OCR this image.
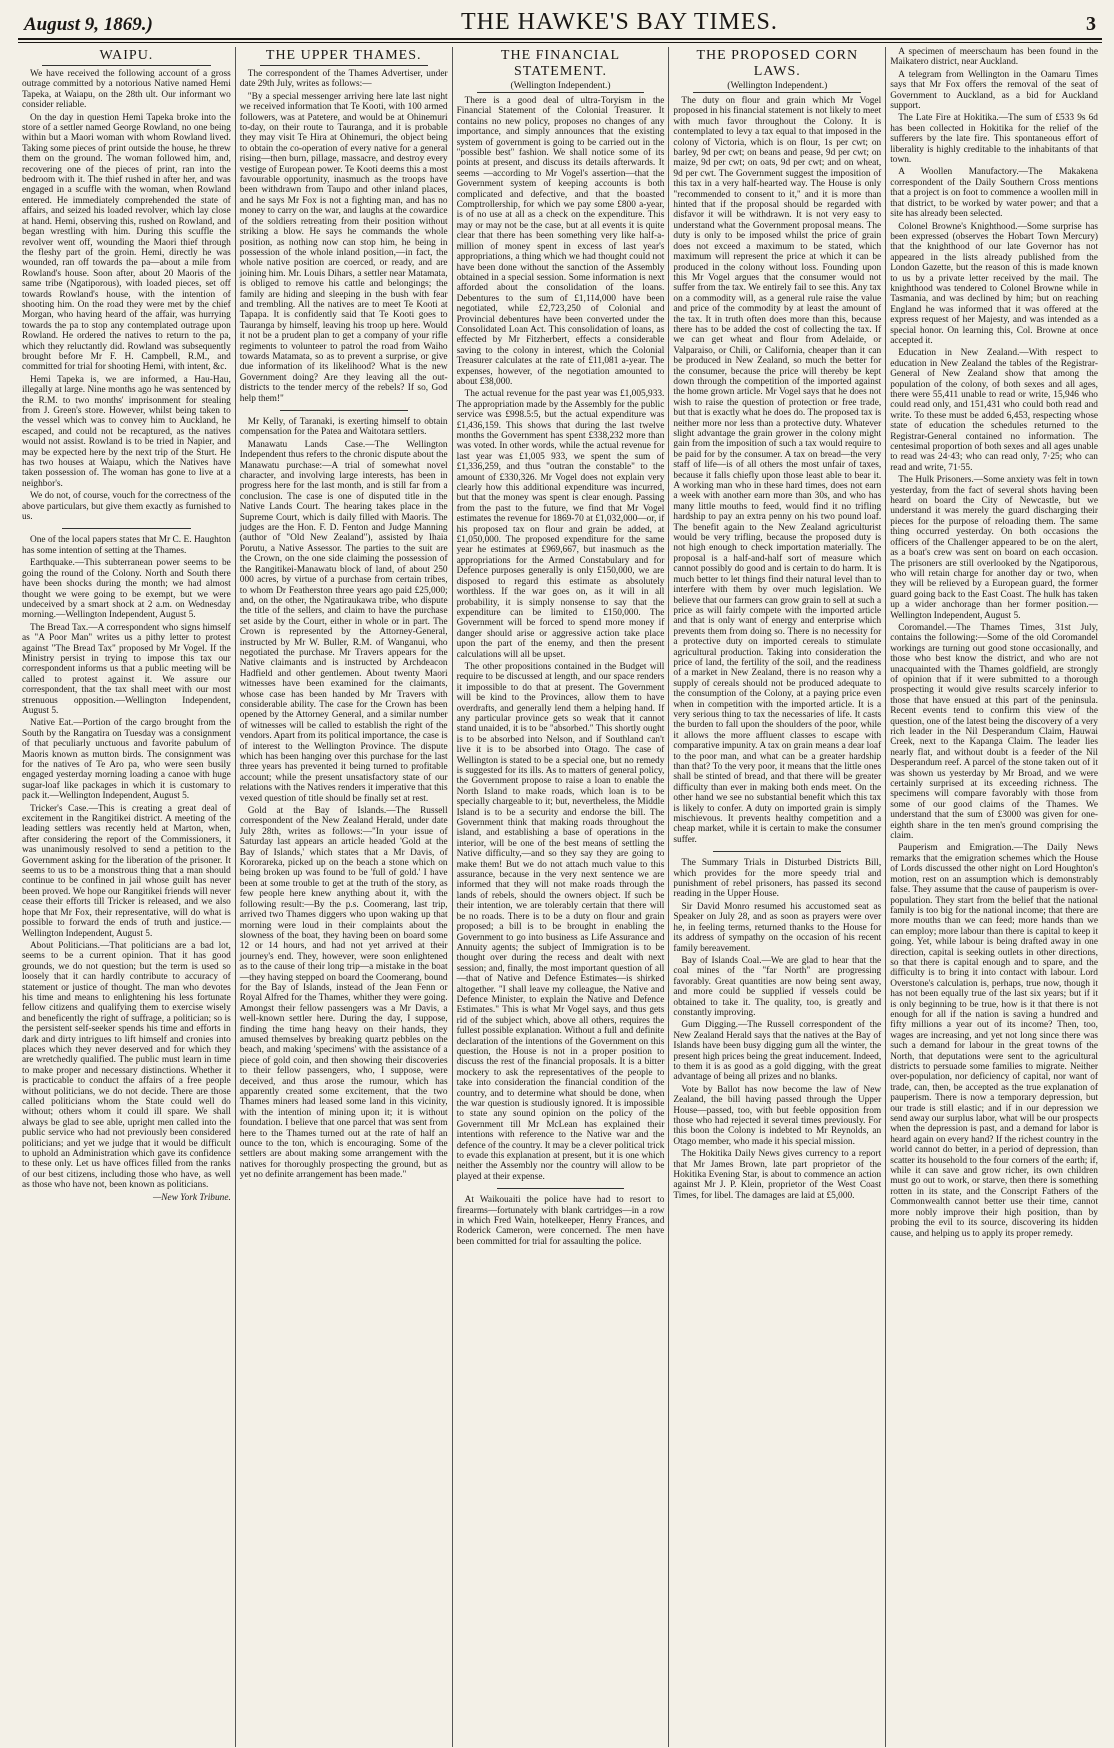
August 9, 1869.)	THE HAWKE'S BAY TIMES.	3
WAIPU.

We have received the following account of a gross outrage committed by a notorious Native named Hemi Tapeka, at Waiapu, on the 28th ult. Our informant wo consider reliable.

On the day in question Hemi Tapeka broke into the store of a settler named George Rowland, no one being within but a Maori woman with whom Rowland lived. Taking some pieces of print outside the house, he threw them on the ground. The woman followed him, and, recovering one of the pieces of print, ran into the bedroom with it. The thief rushed in after her, and was engaged in a scuffle with the woman, when Rowland entered. He immediately comprehended the state of affairs, and seized his loaded revolver, which lay close at hand. Hemi, observing this, rushed on Rowland, and began wrestling with him. During this scuffle the revolver went off, wounding the Maori thief through the fleshy part of the groin. Hemi, directly he was wounded, ran off towards the pa—about a mile from Rowland's house. Soon after, about 20 Maoris of the same tribe (Ngatiporous), with loaded pieces, set off towards Rowland's house, with the intention of shooting him. On the road they were met by the chief Morgan, who having heard of the affair, was hurrying towards the pa to stop any contemplated outrage upon Rowland. He ordered the natives to return to the pa, which they reluctantly did. Rowland was subsequently brought before Mr F. H. Campbell, R.M., and committed for trial for shooting Hemi, with intent, &c.

Hemi Tapeka is, we are informed, a Hau-Hau, illegally at large. Nine months ago he was sentenced by the R.M. to two months' imprisonment for stealing from J. Green's store. However, whilst being taken to the vessel which was to convey him to Auckland, he escaped, and could not be recaptured, as the natives would not assist. Rowland is to be tried in Napier, and may be expected here by the next trip of the Sturt. He has two houses at Waiapu, which the Natives have taken possession of. The woman has gone to live at a neighbor's.

We do not, of course, vouch for the correctness of the above particulars, but give them exactly as furnished to us.

One of the local papers states that Mr C. E. Haughton has some intention of setting at the Thames.

Earthquake.—This subterranean power seems to be going the round of the Colony. North and South there have been shocks during the month; we had almost thought we were going to be exempt, but we were undeceived by a smart shock at 2 a.m. on Wednesday morning.—Wellington Independent, August 5.

The Bread Tax.—A correspondent who signs himself as "A Poor Man" writes us a pithy letter to protest against "The Bread Tax" proposed by Mr Vogel. If the Ministry persist in trying to impose this tax our correspondent informs us that a public meeting will be called to protest against it. We assure our correspondent, that the tax shall meet with our most strenuous opposition.—Wellington Independent, August 5.

Native Eat.—Portion of the cargo brought from the South by the Rangatira on Tuesday was a consignment of that peculiarly unctuous and favorite pabulum of Maoris known as mutton birds. The consignment was for the natives of Te Aro pa, who were seen busily engaged yesterday morning loading a canoe with huge sugar-loaf like packages in which it is customary to pack it.—Wellington Independent, August 5.

Tricker's Case.—This is creating a great deal of excitement in the Rangitikei district. A meeting of the leading settlers was recently held at Marton, when, after considering the report of the Commissioners, it was unanimously resolved to send a petition to the Government asking for the liberation of the prisoner. It seems to us to be a monstrous thing that a man should continue to be confined in jail whose guilt has never been proved. We hope our Rangitikei friends will never cease their efforts till Tricker is released, and we also hope that Mr Fox, their representative, will do what is possible to forward the ends of truth and justice.—Wellington Independent, August 5.

About Politicians.—That politicians are a bad lot, seems to be a current opinion. That it has good grounds, we do not question; but the term is used so loosely that it can hardly contribute to accuracy of statement or justice of thought. The man who devotes his time and means to enlightening his less fortunate fellow citizens and qualifying them to exercise wisely and beneficently the right of suffrage, a politician; so is the persistent self-seeker spends his time and efforts in dark and dirty intrigues to lift himself and cronies into places which they never deserved and for which they are wretchedly qualified. The public must learn in time to make proper and necessary distinctions. Whether it is practicable to conduct the affairs of a free people without politicians, we do not decide. There are those called politicians whom the State could well do without; others whom it could ill spare. We shall always be glad to see able, upright men called into the public service who had not previously been considered politicians; and yet we judge that it would be difficult to uphold an Administration which gave its confidence to these only. Let us have offices filled from the ranks of our best citizens, including those who have, as well as those who have not, been known as politicians.

—New York Tribune.

THE UPPER THAMES.

The correspondent of the Thames Advertiser, under date 29th July, writes as follows:—

"By a special messenger arriving here late last night we received information that Te Kooti, with 100 armed followers, was at Patetere, and would be at Ohinemuri to-day, on their route to Tauranga, and it is probable they may visit Te Hira at Ohinemuri, the object being to obtain the co-operation of every native for a general rising—then burn, pillage, massacre, and destroy every vestige of European power. Te Kooti deems this a most favourable opportunity, inasmuch as the troops have been withdrawn from Taupo and other inland places, and he says Mr Fox is not a fighting man, and has no money to carry on the war, and laughs at the cowardice of the soldiers retreating from their position without striking a blow. He says he commands the whole position, as nothing now can stop him, he being in possession of the whole inland position,—in fact, the whole native position are coerced, or ready, and are joining him. Mr. Louis Dihars, a settler near Matamata, is obliged to remove his cattle and belongings; the family are hiding and sleeping in the bush with fear and trembling. All the natives are to meet Te Kooti at Tapapa. It is confidently said that Te Kooti goes to Tauranga by himself, leaving his troop up here. Would it not be a prudent plan to get a company of your rifle regiments to volunteer to patrol the road from Waiho towards Matamata, so as to prevent a surprise, or give due information of its likelihood? What is the new Government doing? Are they leaving all the out-districts to the tender mercy of the rebels? If so, God help them!"

Mr Kelly, of Taranaki, is exerting himself to obtain compensation for the Patea and Waitotara settlers.

Manawatu Lands Case.—The Wellington Independent thus refers to the chronic dispute about the Manawatu purchase:—A trial of somewhat novel character, and involving large interests, has been in progress here for the last month, and is still far from a conclusion. The case is one of disputed title in the Native Lands Court. The hearing takes place in the Supreme Court, which is daily filled with Maoris. The judges are the Hon. F. D. Fenton and Judge Manning (author of "Old New Zealand"), assisted by Ihaia Porutu, a Native Assessor. The parties to the suit are the Crown, on the one side claiming the possession of the Rangitikei-Manawatu block of land, of about 250 000 acres, by virtue of a purchase from certain tribes, to whom Dr Featherston three years ago paid £25,000; and, on the other, the Ngatiraukawa tribe, who dispute the title of the sellers, and claim to have the purchase set aside by the Court, either in whole or in part. The Crown is represented by the Attorney-General, instructed by Mr W. Buller, R.M. of Wanganui, who negotiated the purchase. Mr Travers appears for the Native claimants and is instructed by Archdeacon Hadfield and other gentlemen. About twenty Maori witnesses have been examined for the claimants, whose case has been handed by Mr Travers with considerable ability. The case for the Crown has been opened by the Attorney General, and a similar number of witnesses will be called to establish the right of the vendors. Apart from its political importance, the case is of interest to the Wellington Province. The dispute which has been hanging over this purchase for the last three years has prevented it being turned to profitable account; while the present unsatisfactory state of our relations with the Natives renders it imperative that this vexed question of title should be finally set at rest.

Gold at the Bay of Islands.—The Russell correspondent of the New Zealand Herald, under date July 28th, writes as follows:—"In your issue of Saturday last appears an article headed 'Gold at the Bay of Islands,' which states that a Mr Davis, of Kororareka, picked up on the beach a stone which on being broken up was found to be 'full of gold.' I have been at some trouble to get at the truth of the story, as few people here knew anything about it, with the following result:—By the p.s. Coomerang, last trip, arrived two Thames diggers who upon waking up that morning were loud in their complaints about the slowness of the boat, they having been on board some 12 or 14 hours, and had not yet arrived at their journey's end. They, however, were soon enlightened as to the cause of their long trip—a mistake in the boat—they having stepped on board the Coomerang, bound for the Bay of Islands, instead of the Jean Fenn or Royal Alfred for the Thames, whither they were going. Amongst their fellow passengers was a Mr Davis, a well-known settler here. During the day, I suppose, finding the time hang heavy on their hands, they amused themselves by breaking quartz pebbles on the beach, and making 'specimens' with the assistance of a piece of gold coin, and then showing their discoveries to their fellow passengers, who, I suppose, were deceived, and thus arose the rumour, which has apparently created some excitement, that the two Thames miners had leased some land in this vicinity, with the intention of mining upon it; it is without foundation. I believe that one parcel that was sent from here to the Thames turned out at the rate of half an ounce to the ton, which is encouraging. Some of the settlers are about making some arrangement with the natives for thoroughly prospecting the ground, but as yet no definite arrangement has been made."

THE FINANCIAL STATEMENT.
(Wellington Independent.)

There is a good deal of ultra-Toryism in the Financial Statement of the Colonial Treasurer. It contains no new policy, proposes no changes of any importance, and simply announces that the existing system of government is going to be carried out in the "possible best" fashion. We shall notice some of its points at present, and discuss its details afterwards. It seems —according to Mr Vogel's assertion—that the Government system of keeping accounts is both complicated and defective, and that the boasted Comptrollership, for which we pay some £800 a-year, is of no use at all as a check on the expenditure. This may or may not be the case, but at all events it is quite clear that there has been something very like half-a-million of money spent in excess of last year's appropriations, a thing which we had thought could not have been done without the sanction of the Assembly obtained in a special session. Some information is next afforded about the consolidation of the loans. Debentures to the sum of £1,114,000 have been negotiated, while £2,723,250 of Colonial and Provincial debentures have been converted under the Consolidated Loan Act. This consolidation of loans, as effected by Mr Fitzherbert, effects a considerable saving to the colony in interest, which the Colonial Treasurer calculates at the rate of £11,081 a-year. The expenses, however, of the negotiation amounted to about £38,000.

The actual revenue for the past year was £1,005,933. The appropriation made by the Assembly for the public service was £998.5:5, but the actual expenditure was £1,436,159. This shows that during the last twelve months the Government has spent £338,232 more than was voted. In other words, while the actual revenue for last year was £1,005 933, we spent the sum of £1,336,259, and thus "outran the constable" to the amount of £330,326. Mr Vogel does not explain very clearly how this additional expenditure was incurred, but that the money was spent is clear enough. Passing from the past to the future, we find that Mr Vogel estimates the revenue for 1869-70 at £1,032,000—or, if his proposed tax on flour and grain be added, at £1,050,000. The proposed expenditure for the same year he estimates at £969,667, but inasmuch as the appropriations for the Armed Constabulary and for Defence purposes generally is only £150,000, we are disposed to regard this estimate as absolutely worthless. If the war goes on, as it will in all probability, it is simply nonsense to say that the expenditure can be limited to £150,000. The Government will be forced to spend more money if danger should arise or aggressive action take place upon the part of the enemy, and then the present calculations will all be upset.

The other propositions contained in the Budget will require to be discussed at length, and our space renders it impossible to do that at present. The Government will be kind to the Provinces, allow them to have overdrafts, and generally lend them a helping hand. If any particular province gets so weak that it cannot stand unaided, it is to be "absorbed." This shortly ought is to be absorbed into Nelson, and if Southland can't live it is to be absorbed into Otago. The case of Wellington is stated to be a special one, but no remedy is suggested for its ills. As to matters of general policy, the Government propose to raise a loan to enable the North Island to make roads, which loan is to be specially chargeable to it; but, nevertheless, the Middle Island is to be a security and endorse the bill. The Government think that making roads throughout the island, and establishing a base of operations in the interior, will be one of the best means of settling the Native difficulty,—and so they say they are going to make them! But we do not attach much value to this assurance, because in the very next sentence we are informed that they will not make roads through the lands of rebels, should the owners object. If such be their intention, we are tolerably certain that there will be no roads. There is to be a duty on flour and grain proposed; a bill is to be brought in enabling the Government to go into business as Life Assurance and Annuity agents; the subject of Immigration is to be thought over during the recess and dealt with next session; and, finally, the most important question of all—that of Native and Defence Estimates—is shirked altogether. "I shall leave my colleague, the Native and Defence Minister, to explain the Native and Defence Estimates." This is what Mr Vogel says, and thus gets rid of the subject which, above all others, requires the fullest possible explanation. Without a full and definite declaration of the intentions of the Government on this question, the House is not in a proper position to discuss the rest of the financial proposals. It is a bitter mockery to ask the representatives of the people to take into consideration the financial condition of the country, and to determine what should be done, when the war question is studiously ignored. It is impossible to state any sound opinion on the policy of the Government till Mr McLean has explained their intentions with reference to the Native war and the defence of the country. It may be a clever political trick to evade this explanation at present, but it is one which neither the Assembly nor the country will allow to be played at their expense.

At Waikouaiti the police have had to resort to firearms—fortunately with blank cartridges—in a row in which Fred Wain, hotelkeeper, Henry Frances, and Roderick Cameron, were concerned. The men have been committed for trial for assaulting the police.

THE PROPOSED CORN LAWS.
(Wellington Independent.)

The duty on flour and grain which Mr Vogel proposed in his financial statement is not likely to meet with much favor throughout the Colony. It is contemplated to levy a tax equal to that imposed in the colony of Victoria, which is on flour, 1s per cwt; on barley, 9d per cwt; on beans and pease, 9d per cwt; on maize, 9d per cwt; on oats, 9d per cwt; and on wheat, 9d per cwt. The Government suggest the imposition of this tax in a very half-hearted way. The House is only "recommended to consent to it," and it is more than hinted that if the proposal should be regarded with disfavor it will be withdrawn. It is not very easy to understand what the Government proposal means. The duty is only to be imposed whilst the price of grain does not exceed a maximum to be stated, which maximum will represent the price at which it can be produced in the colony without loss. Founding upon this Mr Vogel argues that the consumer would not suffer from the tax. We entirely fail to see this. Any tax on a commodity will, as a general rule raise the value and price of the commodity by at least the amount of the tax. It in truth often does more than this, because there has to be added the cost of collecting the tax. If we can get wheat and flour from Adelaide, or Valparaiso, or Chili, or California, cheaper than it can be produced in New Zealand, so much the better for the consumer, because the price will thereby be kept down through the competition of the imported against the home grown article. Mr Vogel says that he does not wish to raise the question of protection or free trade, but that is exactly what he does do. The proposed tax is neither more nor less than a protective duty. Whatever slight advantage the grain grower in the colony might gain from the imposition of such a tax would require to be paid for by the consumer. A tax on bread—the very staff of life—is of all others the most unfair of taxes, because it falls chiefly upon those least able to bear it. A working man who in these hard times, does not earn a week with another earn more than 30s, and who has many little mouths to feed, would find it no trifling hardship to pay an extra penny on his two pound loaf. The benefit again to the New Zealand agriculturist would be very trifling, because the proposed duty is not high enough to check importation materially. The proposal is a half-and-half sort of measure which cannot possibly do good and is certain to do harm. It is much better to let things find their natural level than to interfere with them by over much legislation. We believe that our farmers can grow grain to sell at such a price as will fairly compete with the imported article and that is only want of energy and enterprise which prevents them from doing so. There is no necessity for a protective duty on imported cereals to stimulate agricultural production. Taking into consideration the price of land, the fertility of the soil, and the readiness of a market in New Zealand, there is no reason why a supply of cereals should not be produced adequate to the consumption of the Colony, at a paying price even when in competition with the imported article. It is a very serious thing to tax the necessaries of life. It casts the burden to fall upon the shoulders of the poor, while it allows the more affluent classes to escape with comparative impunity. A tax on grain means a dear loaf to the poor man, and what can be a greater hardship than that? To the very poor, it means that the little ones shall be stinted of bread, and that there will be greater difficulty than ever in making both ends meet. On the other hand we see no substantial benefit which this tax is likely to confer. A duty on imported grain is simply mischievous. It prevents healthy competition and a cheap market, while it is certain to make the consumer suffer.

The Summary Trials in Disturbed Districts Bill, which provides for the more speedy trial and punishment of rebel prisoners, has passed its second reading in the Upper House.

Sir David Monro resumed his accustomed seat as Speaker on July 28, and as soon as prayers were over he, in feeling terms, returned thanks to the House for its address of sympathy on the occasion of his recent family bereavement.

Bay of Islands Coal.—We are glad to hear that the coal mines of the "far North" are progressing favorably. Great quantities are now being sent away, and more could be supplied if vessels could be obtained to take it. The quality, too, is greatly and constantly improving.

Gum Digging.—The Russell correspondent of the New Zealand Herald says that the natives at the Bay of Islands have been busy digging gum all the winter, the present high prices being the great inducement. Indeed, to them it is as good as a gold digging, with the great advantage of being all prizes and no blanks.

Vote by Ballot has now become the law of New Zealand, the bill having passed through the Upper House—passed, too, with but feeble opposition from those who had rejected it several times previously. For this boon the Colony is indebted to Mr Reynolds, an Otago member, who made it his special mission.

The Hokitika Daily News gives currency to a report that Mr James Brown, late part proprietor of the Hokitika Evening Star, is about to commence an action against Mr J. P. Klein, proprietor of the West Coast Times, for libel. The damages are laid at £5,000.

A specimen of meerschaum has been found in the Maikatero district, near Auckland.

A telegram from Wellington in the Oamaru Times says that Mr Fox offers the removal of the seat of Government to Auckland, as a bid for Auckland support.

The Late Fire at Hokitika.—The sum of £533 9s 6d has been collected in Hokitika for the relief of the sufferers by the late fire. This spontaneous effort of liberality is highly creditable to the inhabitants of that town.

A Woollen Manufactory.—The Makakena correspondent of the Daily Southern Cross mentions that a project is on foot to commence a woollen mill in that district, to be worked by water power; and that a site has already been selected.

Colonel Browne's Knighthood.—Some surprise has been expressed (observes the Hobart Town Mercury) that the knighthood of our late Governor has not appeared in the lists already published from the London Gazette, but the reason of this is made known to us by a private letter received by the mail. The knighthood was tendered to Colonel Browne while in Tasmania, and was declined by him; but on reaching England he was informed that it was offered at the express request of her Majesty, and was intended as a special honor. On learning this, Col. Browne at once accepted it.

Education in New Zealand.—With respect to education in New Zealand the tables of the Registrar-General of New Zealand show that among the population of the colony, of both sexes and all ages, there were 55,411 unable to read or write, 15,946 who could read only, and 151,431 who could both read and write. To these must be added 6,453, respecting whose state of education the schedules returned to the Registrar-General contained no information. The centesimal proportion of both sexes and all ages unable to read was 24·43; who can read only, 7·25; who can read and write, 71·55.

The Hulk Prisoners.—Some anxiety was felt in town yesterday, from the fact of several shots having been heard on board the City of Newcastle, but we understand it was merely the guard discharging their pieces for the purpose of reloading them. The same thing occurred yesterday. On both occasions the officers of the Challenger appeared to be on the alert, as a boat's crew was sent on board on each occasion. The prisoners are still overlooked by the Ngatiporous, who will retain charge for another day or two, when they will be relieved by a European guard, the former guard going back to the East Coast. The hulk has taken up a wider anchorage than her former position.—Wellington Independent, August 5.

Coromandel.—The Thames Times, 31st July, contains the following:—Some of the old Coromandel workings are turning out good stone occasionally, and those who best know the district, and who are not unacquainted with the Thames goldfield, are strongly of opinion that if it were submitted to a thorough prospecting it would give results scarcely inferior to those that have ensued at this part of the peninsula. Recent events tend to confirm this view of the question, one of the latest being the discovery of a very rich leader in the Nil Desperandum Claim, Hauwai Creek, next to the Kapanga Claim. The leader lies nearly flat, and without doubt is a feeder of the Nil Desperandum reef. A parcel of the stone taken out of it was shown us yesterday by Mr Broad, and we were certainly surprised at its exceeding richness. The specimens will compare favorably with those from some of our good claims of the Thames. We understand that the sum of £3000 was given for one-eighth share in the ten men's ground comprising the claim.

Pauperism and Emigration.—The Daily News remarks that the emigration schemes which the House of Lords discussed the other night on Lord Houghton's motion, rest on an assumption which is demonstrably false. They assume that the cause of pauperism is over-population. They start from the belief that the national family is too big for the national income; that there are more mouths than we can feed; more hands than we can employ; more labour than there is capital to keep it going. Yet, while labour is being drafted away in one direction, capital is seeking outlets in other directions, so that there is capital enough and to spare, and the difficulty is to bring it into contact with labour. Lord Overstone's calculation is, perhaps, true now, though it has not been equally true of the last six years; but if it is only beginning to be true, how is it that there is not enough for all if the nation is saving a hundred and fifty millions a year out of its income? Then, too, wages are increasing, and yet not long since there was such a demand for labour in the great towns of the North, that deputations were sent to the agricultural districts to persuade some families to migrate. Neither over-population, nor deficiency of capital, nor want of trade, can, then, be accepted as the true explanation of pauperism. There is now a temporary depression, but our trade is still elastic; and if in our depression we send away our surplus labor, what will be our prospects when the depression is past, and a demand for labor is heard again on every hand? If the richest country in the world cannot do better, in a period of depression, than scatter its household to the four corners of the earth; if, while it can save and grow richer, its own children must go out to work, or starve, then there is something rotten in its state, and the Conscript Fathers of the Commonwealth cannot better use their time, cannot more nobly improve their high position, than by probing the evil to its source, discovering its hidden cause, and helping us to apply its proper remedy.
